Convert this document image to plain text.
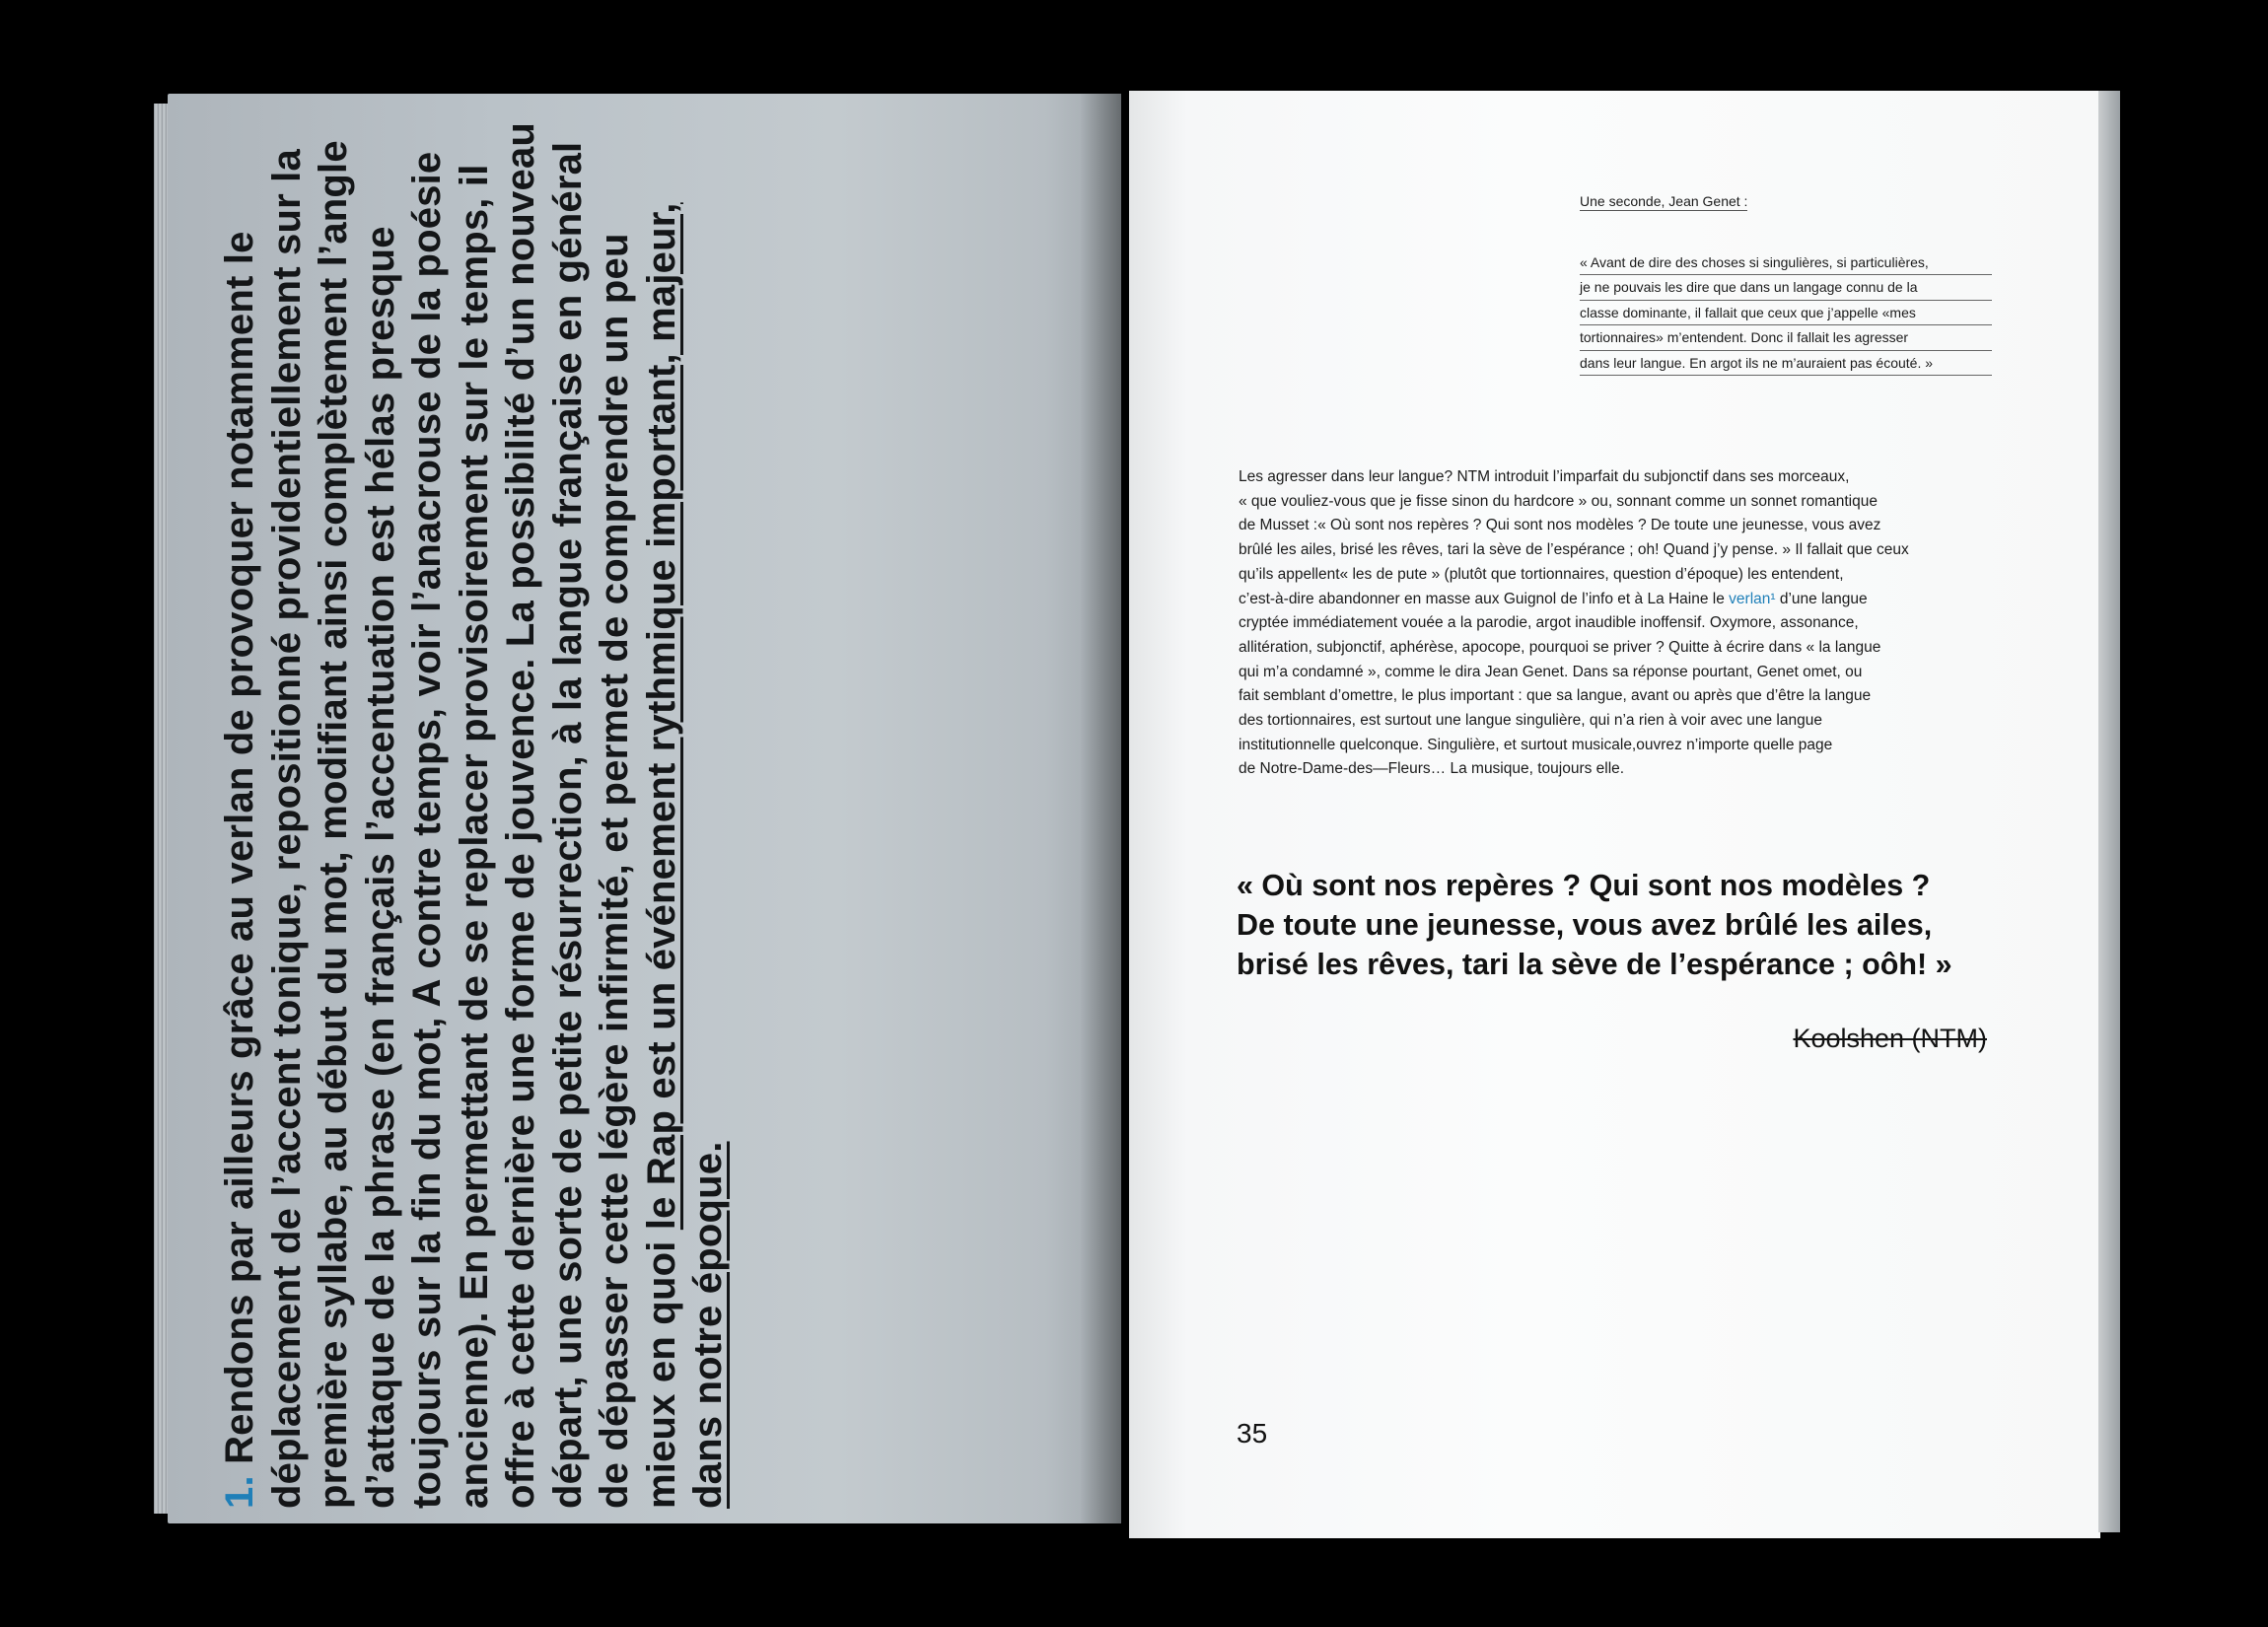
1. Rendons par ailleurs grâce au verlan de provoquer notamment le déplacement de l’accent tonique, repositionné providentiellement sur la première syllabe, au début du mot, modifiant ainsi complètement l’angle d’attaque de la phrase (en français l’accentuation est hélas presque toujours sur la fin du mot, A contre temps, voir l’anacrouse de la poésie ancienne). En permettant de se replacer provisoirement sur le temps, il offre à cette dernière une forme de jouvence. La possibilité d’un nouveau départ, une sorte de petite résurrection, à la langue française en général de dépasser cette légère infirmité, et permet de comprendre un peu mieux en quoi le Rap est un événement rythmique important, majeur, dans notre époque.

Une seconde, Jean Genet :
« Avant de dire des choses si singulières, si particulières,
je ne pouvais les dire que dans un langage connu de la
classe dominante, il fallait que ceux que j’appelle «mes
tortionnaires» m’entendent. Donc il fallait les agresser
dans leur langue. En argot ils ne m’auraient pas écouté. »
Les agresser dans leur langue? NTM introduit l’imparfait du subjonctif dans ses morceaux,
« que vouliez-vous que je fisse sinon du hardcore » ou, sonnant comme un sonnet romantique
de Musset :« Où sont nos repères ? Qui sont nos modèles ? De toute une jeunesse, vous avez
brûlé les ailes, brisé les rêves, tari la sève de l’espérance ; oh! Quand j’y pense. » Il fallait que ceux
qu’ils appellent« les de pute » (plutôt que tortionnaires, question d’époque) les entendent,
c’est-à-dire abandonner en masse aux Guignol de l’info et à La Haine le verlan¹ d’une langue
cryptée immédiatement vouée a la parodie, argot inaudible inoffensif. Oxymore, assonance,
allitération, subjonctif, aphérèse, apocope, pourquoi se priver ? Quitte à écrire dans « la langue
qui m’a condamné », comme le dira Jean Genet. Dans sa réponse pourtant, Genet omet, ou
fait semblant d’omettre, le plus important : que sa langue, avant ou après que d’être la langue
des tortionnaires, est surtout une langue singulière, qui n’a rien à voir avec une langue
institutionnelle quelconque. Singulière, et surtout musicale,ouvrez n’importe quelle page
de Notre-Dame-des—Fleurs… La musique, toujours elle.
« Où sont nos repères ? Qui sont nos modèles ?
De toute une jeunesse, vous avez brûlé les ailes,
brisé les rêves, tari la sève de l’espérance ; oôh! »
Koolshen (NTM)
35
